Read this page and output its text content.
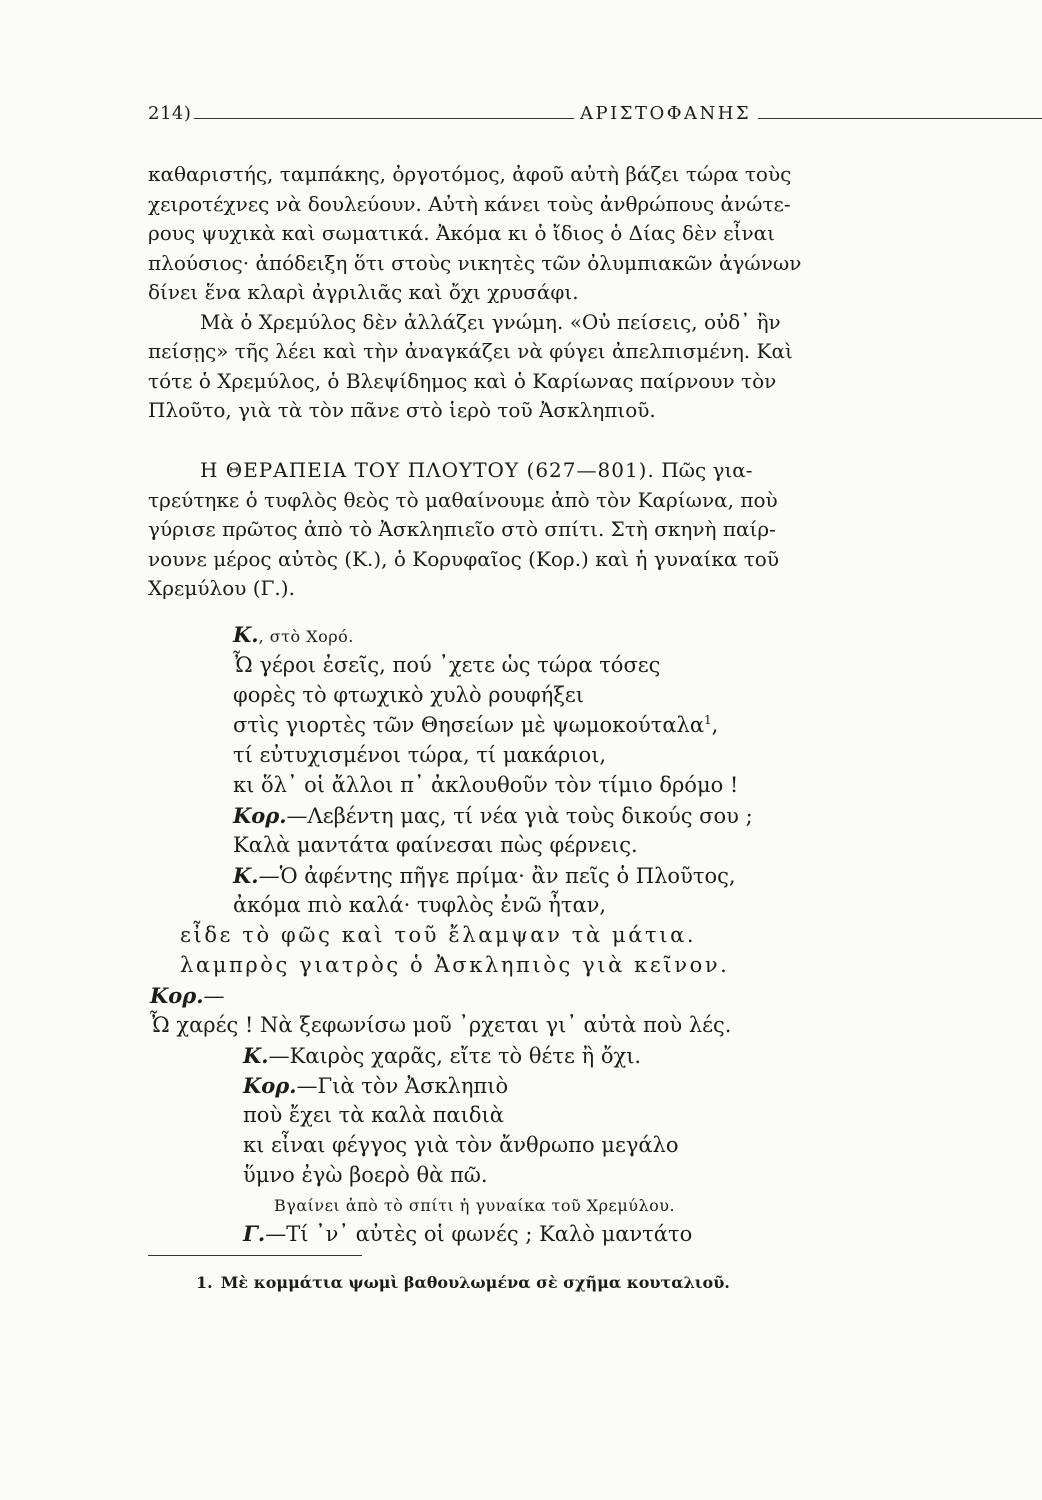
214)	ΑΡΙΣΤΟΦΑΝΗΣ

καθαριστής, ταμπάκης, ὀργοτόμος, ἀφοῦ αὐτὴ βάζει τώρα τοὺς

χειροτέχνες νὰ δουλεύουν. Αὐτὴ κάνει τοὺς ἀνθρώπους ἀνώτε-

ρους ψυχικὰ καὶ σωματικά. Ἀκόμα κι ὁ ἴδιος ὁ Δίας δὲν εἶναι

πλούσιος· ἀπόδειξη ὅτι στοὺς νικητὲς τῶν ὀλυμπιακῶν ἀγώνων

δίνει ἕνα κλαρὶ ἀγριλιᾶς καὶ ὄχι χρυσάφι.

Μὰ ὁ Χρεμύλος δὲν ἀλλάζει γνώμη. «Οὐ πείσεις, οὐδ᾿ ἢν

πείσῃς» τῆς λέει καὶ τὴν ἀναγκάζει νὰ φύγει ἀπελπισμένη. Καὶ

τότε ὁ Χρεμύλος, ὁ Βλεψίδημος καὶ ὁ Καρίωνας παίρνουν τὸν

Πλοῦτο, γιὰ τὰ τὸν πᾶνε στὸ ἱερὸ τοῦ Ἀσκληπιοῦ.

Η ΘΕΡΑΠΕΙΑ ΤΟΥ ΠΛΟΥΤΟΥ (627—801). Πῶς για-

τρεύτηκε ὁ τυφλὸς θεὸς τὸ μαθαίνουμε ἀπὸ τὸν Καρίωνα, ποὺ

γύρισε πρῶτος ἀπὸ τὸ Ἀσκληπιεῖο στὸ σπίτι. Στὴ σκηνὴ παίρ-

νουνε μέρος αὐτὸς (Κ.), ὁ Κορυφαῖος (Κορ.) καὶ ἡ γυναίκα τοῦ

Χρεμύλου (Γ.).

Κ., στὸ Χορό.
Ὦ γέροι ἐσεῖς, πού ᾽χετε ὡς τώρα τόσες
φορὲς τὸ φτωχικὸ χυλὸ ρουφήξει
στὶς γιορτὲς τῶν Θησείων μὲ ψωμοκούταλα$^1$,
τί εὐτυχισμένοι τώρα, τί μακάριοι,
κι ὅλ᾽ οἱ ἄλλοι π᾽ ἀκλουθοῦν τὸν τίμιο δρόμο !
Κορ.—Λεβέντη μας, τί νέα γιὰ τοὺς δικούς σου ;
Καλὰ μαντάτα φαίνεσαι πὼς φέρνεις.
Κ.—Ὁ ἀφέντης πῆγε πρίμα· ἂν πεῖς ὁ Πλοῦτος,
ἀκόμα πιὸ καλά· τυφλὸς ἐνῶ ἦταν,
εἶδε τὸ φῶς καὶ τοῦ ἔλαμψαν τὰ μάτια.
λαμπρὸς γιατρὸς ὁ Ἀσκληπιὸς γιὰ κεῖνον.
Κορ.—
Ὦ χαρές ! Νὰ ξεφωνίσω μοῦ ᾽ρχεται γι᾽ αὐτὰ ποὺ λές.
Κ.—Καιρὸς χαρᾶς, εἴτε τὸ θέτε ἢ ὄχι.
Κορ.—Γιὰ τὸν Ἀσκληπιὸ
ποὺ ἔχει τὰ καλὰ παιδιὰ
κι εἶναι φέγγος γιὰ τὸν ἄνθρωπο μεγάλο
ὕμνο ἐγὼ βοερὸ θὰ πῶ.
Βγαίνει ἀπὸ τὸ σπίτι ἡ γυναίκα τοῦ Χρεμύλου.
Γ.—Τί ᾽ν᾽ αὐτὲς οἱ φωνές ; Καλὸ μαντάτο
1. Μὲ κομμάτια ψωμὶ βαθουλωμένα σὲ σχῆμα κουταλιοῦ.
